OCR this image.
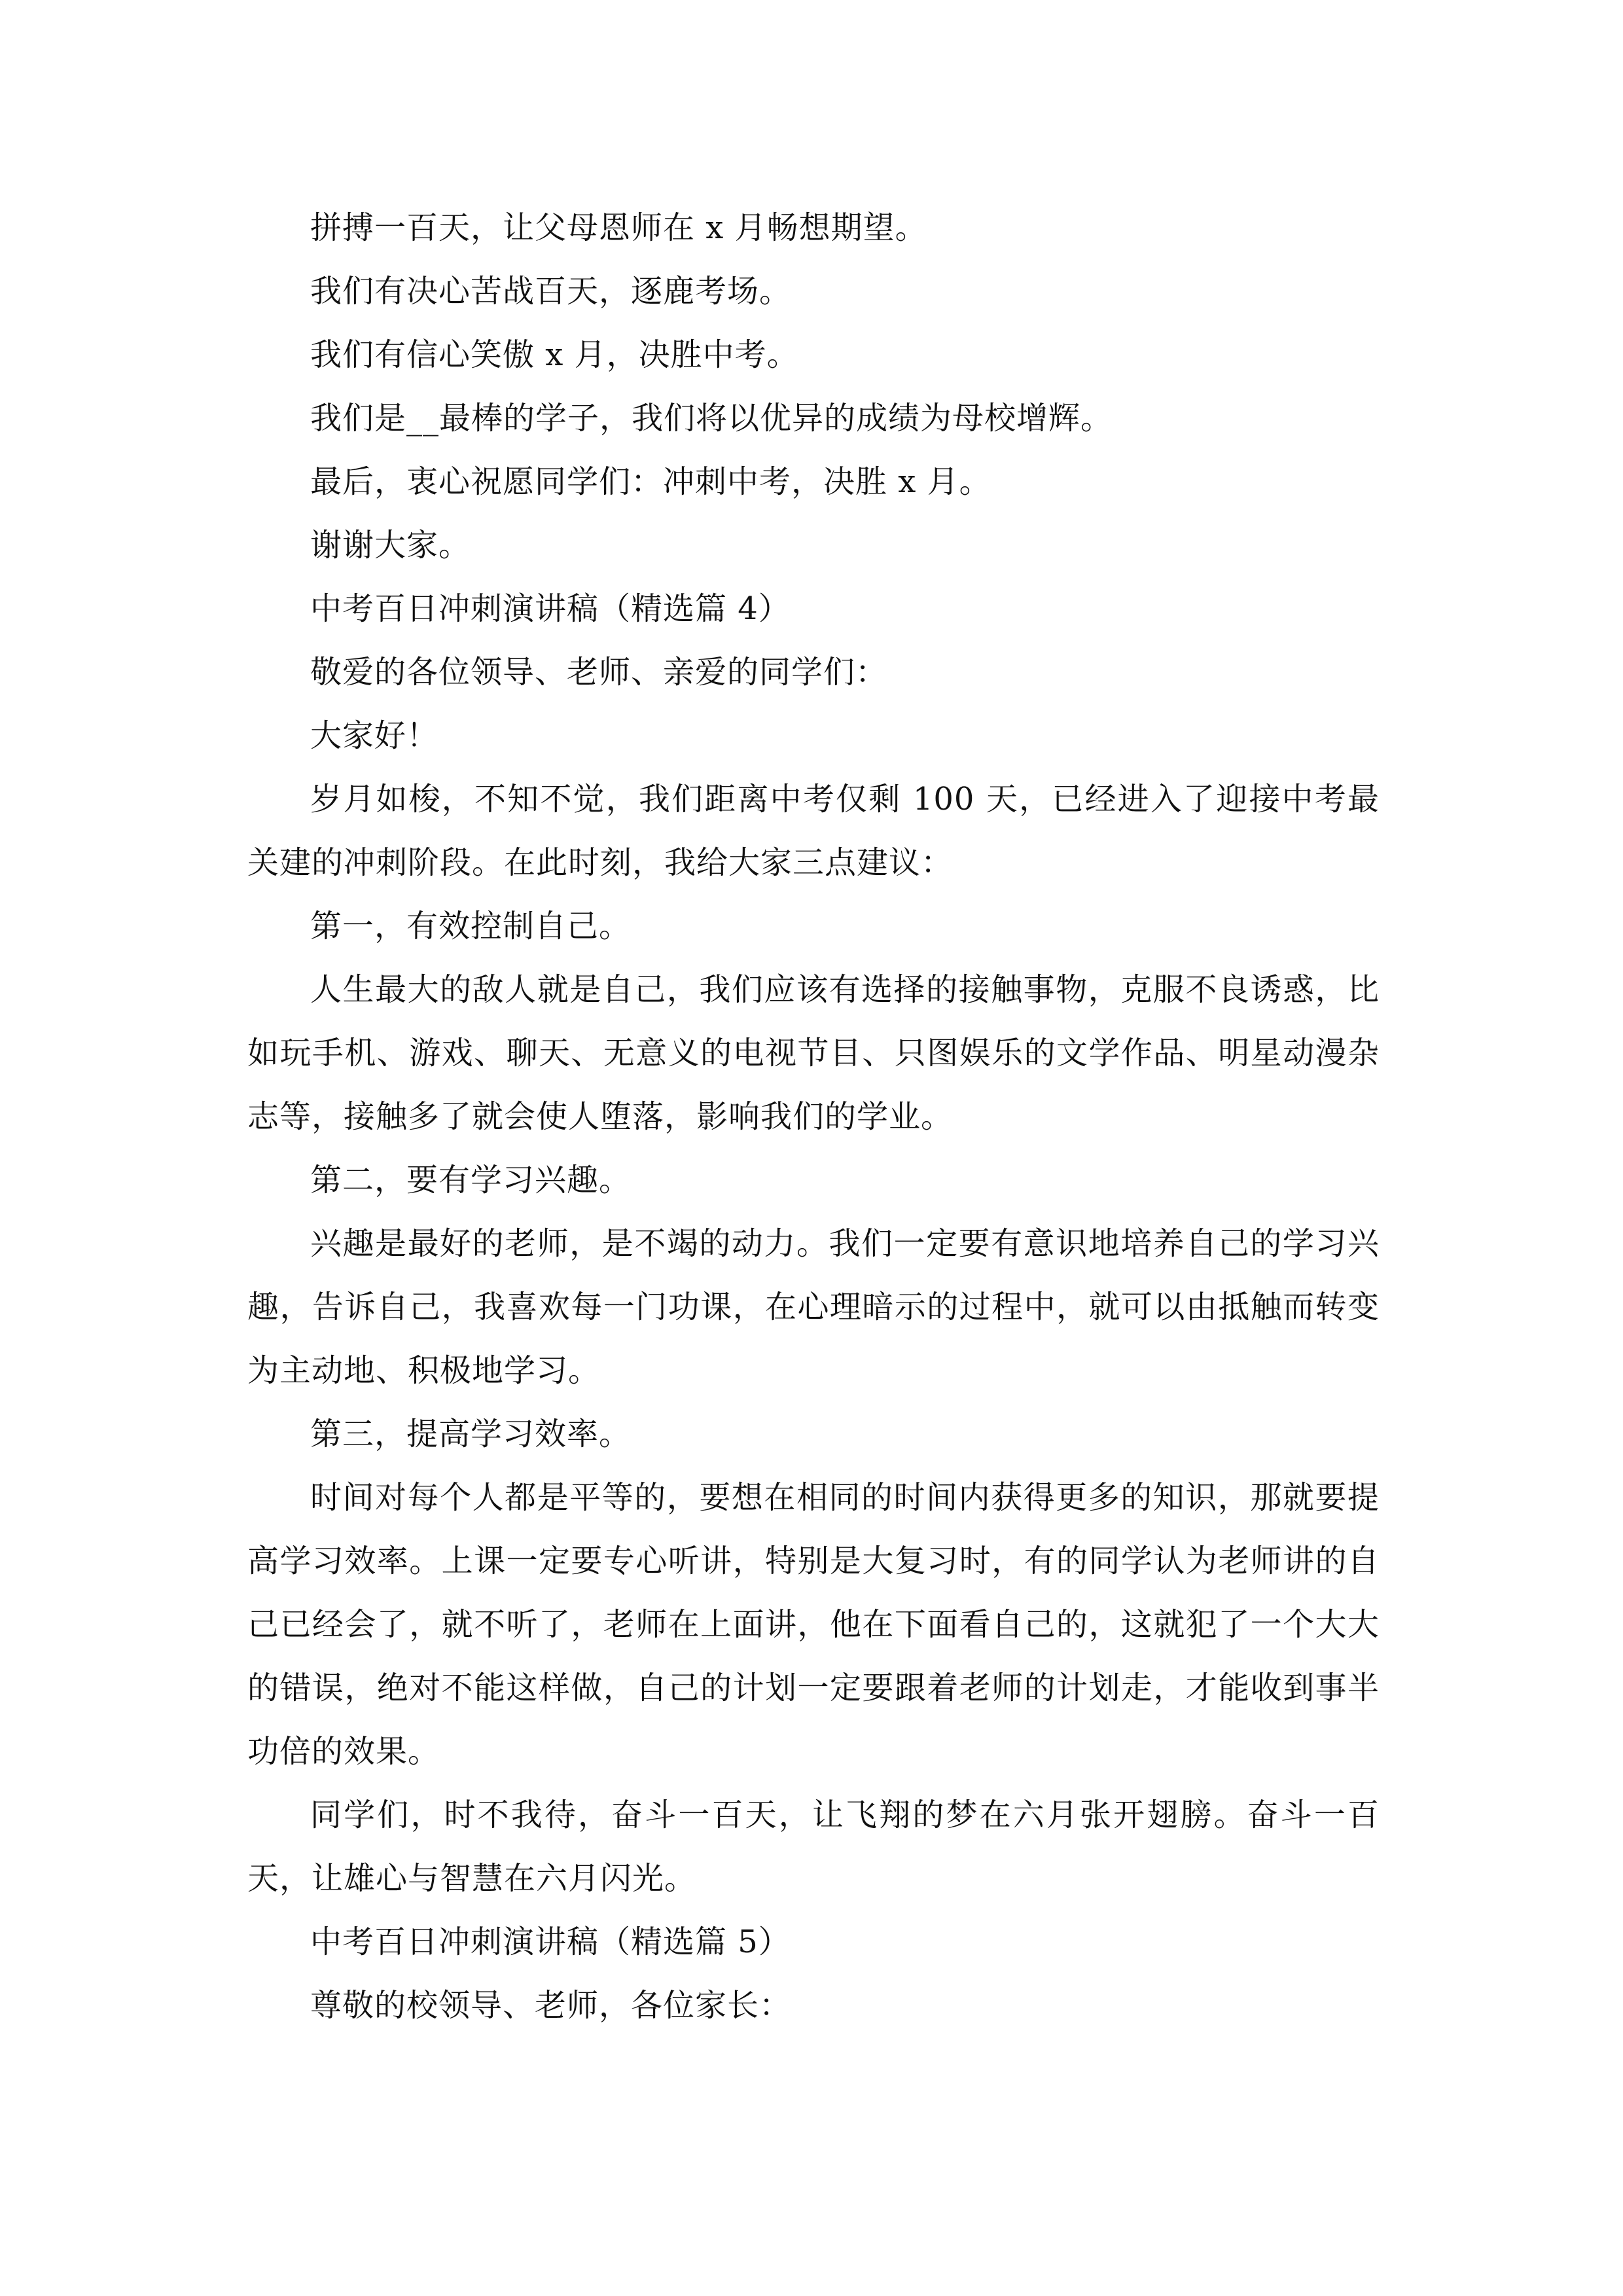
拼搏一百天，让父母恩师在 x 月畅想期望。

我们有决心苦战百天，逐鹿考场。

我们有信心笑傲 x 月，决胜中考。

我们是__最棒的学子，我们将以优异的成绩为母校增辉。

最后，衷心祝愿同学们：冲刺中考，决胜 x 月。

谢谢大家。

中考百日冲刺演讲稿（精选篇 4）

敬爱的各位领导、老师、亲爱的同学们：

大家好！

岁月如梭，不知不觉，我们距离中考仅剩 100 天，已经进入了迎接中考最关建的冲刺阶段。在此时刻，我给大家三点建议：

第一，有效控制自己。

人生最大的敌人就是自己，我们应该有选择的接触事物，克服不良诱惑，比如玩手机、游戏、聊天、无意义的电视节目、只图娱乐的文学作品、明星动漫杂志等，接触多了就会使人堕落，影响我们的学业。

第二，要有学习兴趣。

兴趣是最好的老师，是不竭的动力。我们一定要有意识地培养自己的学习兴趣，告诉自己，我喜欢每一门功课，在心理暗示的过程中，就可以由抵触而转变为主动地、积极地学习。

第三，提高学习效率。

时间对每个人都是平等的，要想在相同的时间内获得更多的知识，那就要提高学习效率。上课一定要专心听讲，特别是大复习时，有的同学认为老师讲的自己已经会了，就不听了，老师在上面讲，他在下面看自己的，这就犯了一个大大的错误，绝对不能这样做，自己的计划一定要跟着老师的计划走，才能收到事半功倍的效果。

同学们，时不我待，奋斗一百天，让飞翔的梦在六月张开翅膀。奋斗一百天，让雄心与智慧在六月闪光。

中考百日冲刺演讲稿（精选篇 5）

尊敬的校领导、老师，各位家长：
